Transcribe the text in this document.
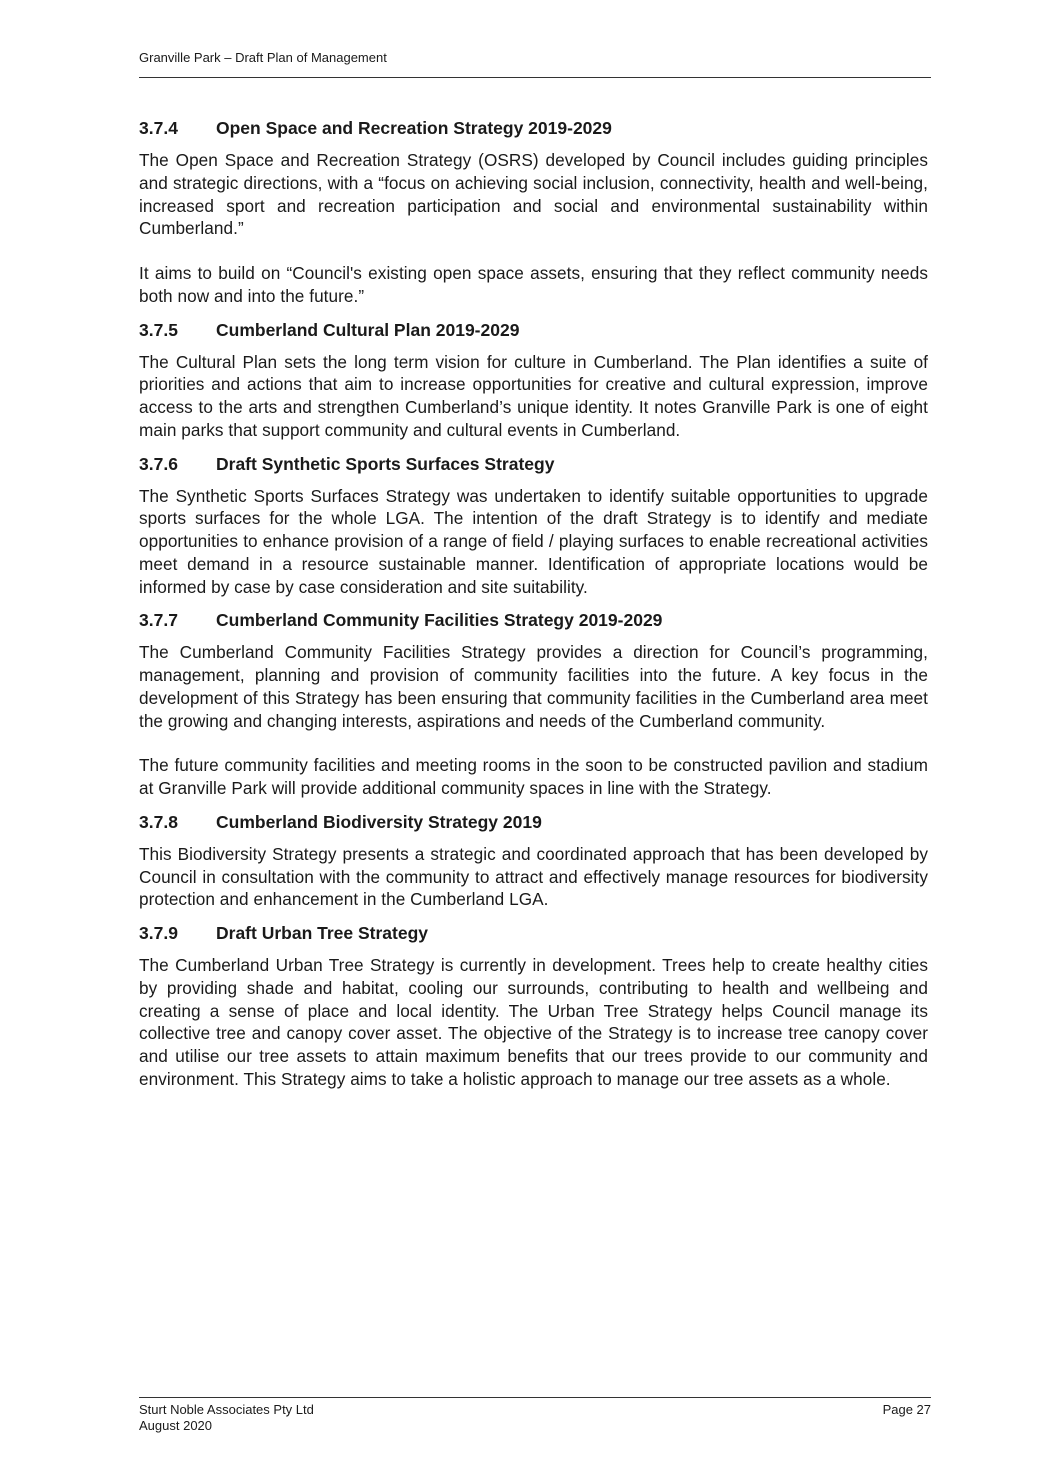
Granville Park – Draft Plan of Management
3.7.4 Open Space and Recreation Strategy 2019-2029

The Open Space and Recreation Strategy (OSRS) developed by Council includes guiding principles and strategic directions, with a “focus on achieving social inclusion, connectivity, health and well-being, increased sport and recreation participation and social and environmental sustainability within Cumberland.”

It aims to build on “Council's existing open space assets, ensuring that they reflect community needs both now and into the future.”

3.7.5 Cumberland Cultural Plan 2019-2029

The Cultural Plan sets the long term vision for culture in Cumberland. The Plan identifies a suite of priorities and actions that aim to increase opportunities for creative and cultural expression, improve access to the arts and strengthen Cumberland’s unique identity. It notes Granville Park is one of eight main parks that support community and cultural events in Cumberland.

3.7.6 Draft Synthetic Sports Surfaces Strategy

The Synthetic Sports Surfaces Strategy was undertaken to identify suitable opportunities to upgrade sports surfaces for the whole LGA. The intention of the draft Strategy is to identify and mediate opportunities to enhance provision of a range of field / playing surfaces to enable recreational activities meet demand in a resource sustainable manner. Identification of appropriate locations would be informed by case by case consideration and site suitability.

3.7.7 Cumberland Community Facilities Strategy 2019-2029

The Cumberland Community Facilities Strategy provides a direction for Council’s programming, management, planning and provision of community facilities into the future. A key focus in the development of this Strategy has been ensuring that community facilities in the Cumberland area meet the growing and changing interests, aspirations and needs of the Cumberland community.

The future community facilities and meeting rooms in the soon to be constructed pavilion and stadium at Granville Park will provide additional community spaces in line with the Strategy.

3.7.8 Cumberland Biodiversity Strategy 2019

This Biodiversity Strategy presents a strategic and coordinated approach that has been developed by Council in consultation with the community to attract and effectively manage resources for biodiversity protection and enhancement in the Cumberland LGA.

3.7.9 Draft Urban Tree Strategy

The Cumberland Urban Tree Strategy is currently in development. Trees help to create healthy cities by providing shade and habitat, cooling our surrounds, contributing to health and wellbeing and creating a sense of place and local identity. The Urban Tree Strategy helps Council manage its collective tree and canopy cover asset. The objective of the Strategy is to increase tree canopy cover and utilise our tree assets to attain maximum benefits that our trees provide to our community and environment. This Strategy aims to take a holistic approach to manage our tree assets as a whole.

Sturt Noble Associates Pty Ltd
August 2020
Page 27
